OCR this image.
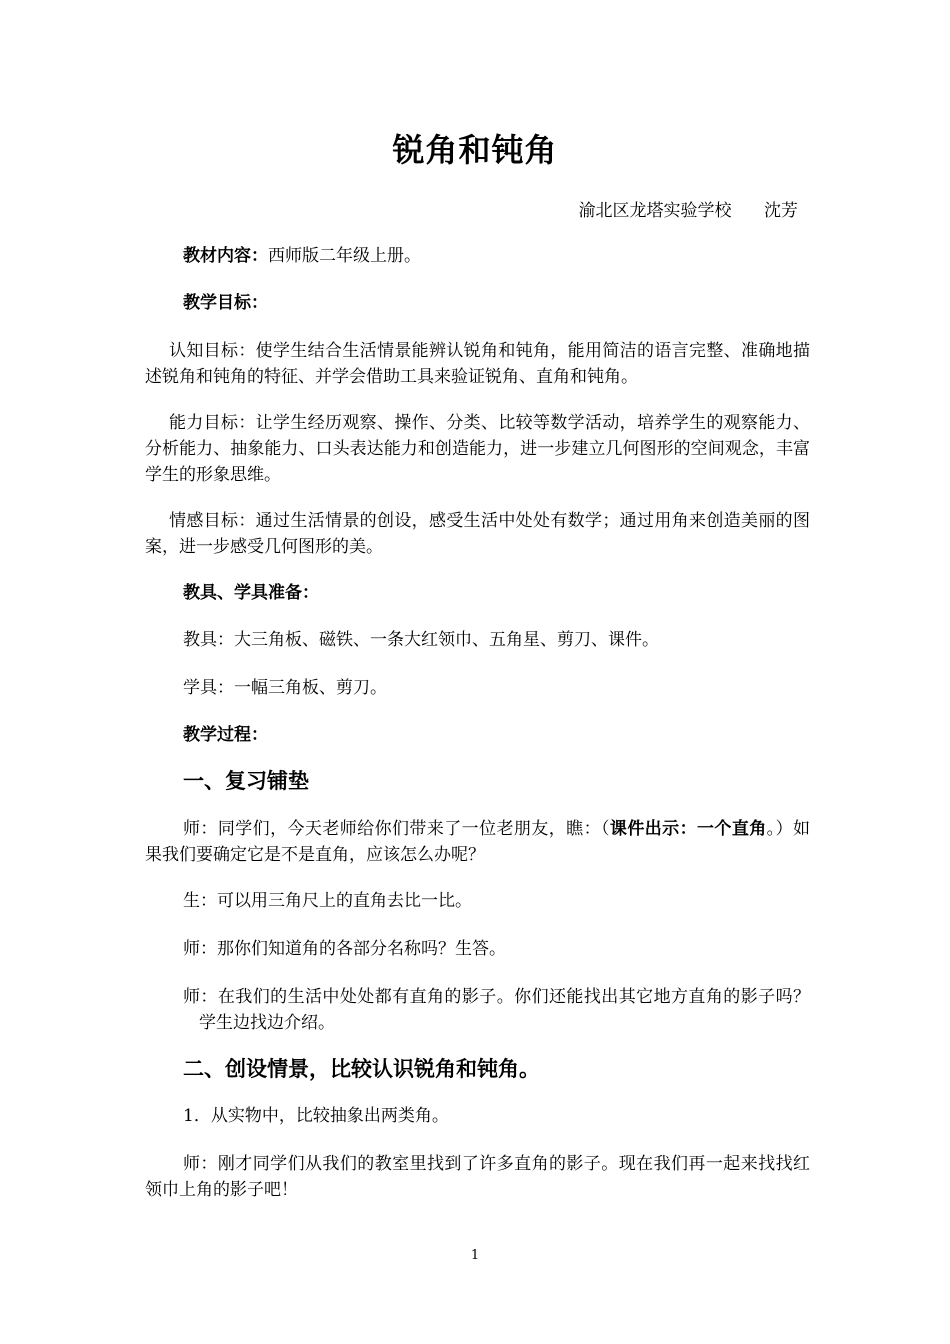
锐角和钝角
渝北区龙塔实验学校      沈芳
教材内容：西师版二年级上册。
教学目标：
认知目标：使学生结合生活情景能辨认锐角和钝角，能用简洁的语言完整、准确地描述锐角和钝角的特征、并学会借助工具来验证锐角、直角和钝角。
能力目标：让学生经历观察、操作、分类、比较等数学活动，培养学生的观察能力、分析能力、抽象能力、口头表达能力和创造能力，进一步建立几何图形的空间观念，丰富学生的形象思维。
情感目标：通过生活情景的创设，感受生活中处处有数学；通过用角来创造美丽的图案，进一步感受几何图形的美。
教具、学具准备：
教具：大三角板、磁铁、一条大红领巾、五角星、剪刀、课件。
学具：一幅三角板、剪刀。
教学过程：
一、复习铺垫
师：同学们，今天老师给你们带来了一位老朋友，瞧：（课件出示：一个直角。）如果我们要确定它是不是直角，应该怎么办呢？
生：可以用三角尺上的直角去比一比。
师：那你们知道角的各部分名称吗？生答。
师：在我们的生活中处处都有直角的影子。你们还能找出其它地方直角的影子吗？          学生边找边介绍。
二、创设情景，比较认识锐角和钝角。
1．从实物中，比较抽象出两类角。
师：刚才同学们从我们的教室里找到了许多直角的影子。现在我们再一起来找找红领巾上角的影子吧！
1
